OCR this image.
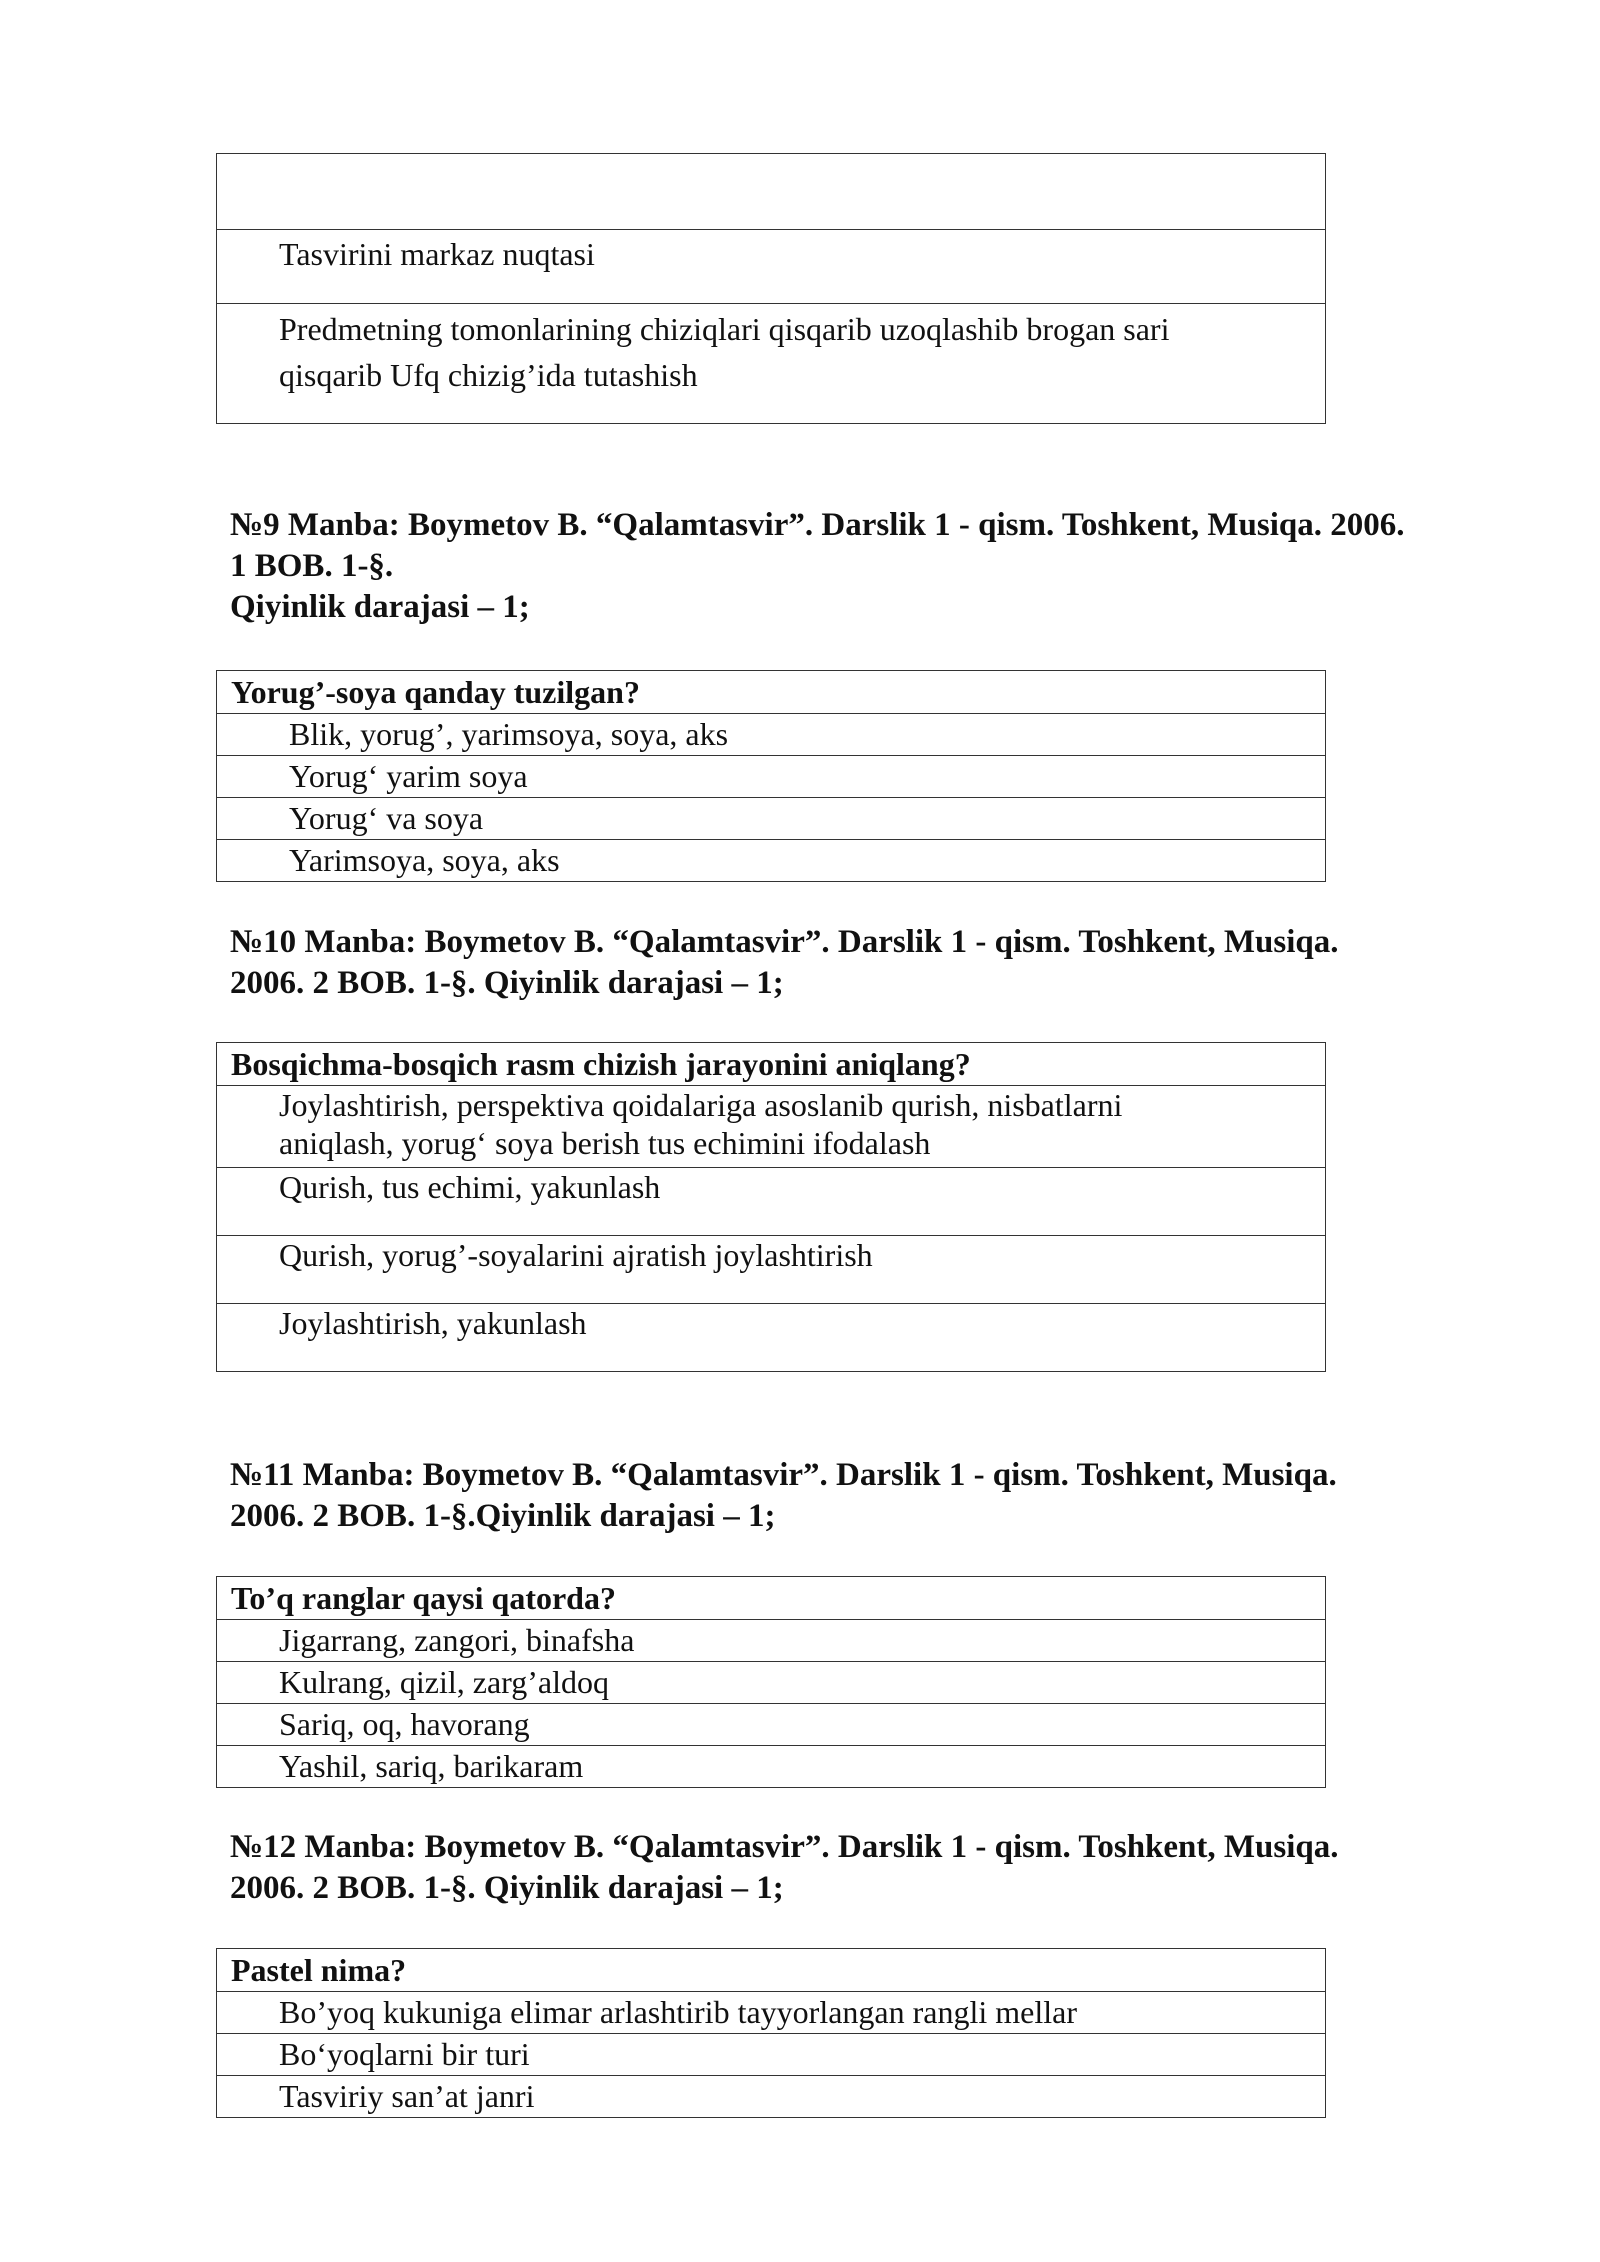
Tasvirini markaz nuqtasi
Predmetning tomonlarining chiziqlari qisqarib uzoqlashib brogan sari
qisqarib Ufq chizig’ida tutashish
№9 Manba: Boymetov B. “Qalamtasvir”. Darslik 1 - qism. Toshkent, Musiqa. 2006.
1 BOB. 1-§.
Qiyinlik darajasi – 1;
Yorug’-soya qanday tuzilgan?
Blik, yorug’, yarimsoya, soya, aks
Yorug‘ yarim soya
Yorug‘ va soya
Yarimsoya, soya, aks
№10 Manba: Boymetov B. “Qalamtasvir”. Darslik 1 - qism. Toshkent, Musiqa.
2006. 2 BOB. 1-§. Qiyinlik darajasi – 1;
Bosqichma-bosqich rasm chizish jarayonini aniqlang?
Joylashtirish, perspektiva qoidalariga asoslanib qurish, nisbatlarni
aniqlash, yorug‘ soya berish tus echimini ifodalash
Qurish, tus echimi, yakunlash
Qurish, yorug’-soyalarini ajratish joylashtirish
Joylashtirish, yakunlash
№11 Manba: Boymetov B. “Qalamtasvir”. Darslik 1 - qism. Toshkent, Musiqa.
2006. 2 BOB. 1-§.Qiyinlik darajasi – 1;
To’q ranglar qaysi qatorda?
Jigarrang, zangori, binafsha
Kulrang, qizil, zarg’aldoq
Sariq, oq, havorang
Yashil, sariq, barikaram
№12 Manba: Boymetov B. “Qalamtasvir”. Darslik 1 - qism. Toshkent, Musiqa.
2006. 2 BOB. 1-§. Qiyinlik darajasi – 1;
Pastel nima?
Bo’yoq kukuniga elimar arlashtirib tayyorlangan rangli mellar
Bo‘yoqlarni bir turi
Tasviriy san’at janri
